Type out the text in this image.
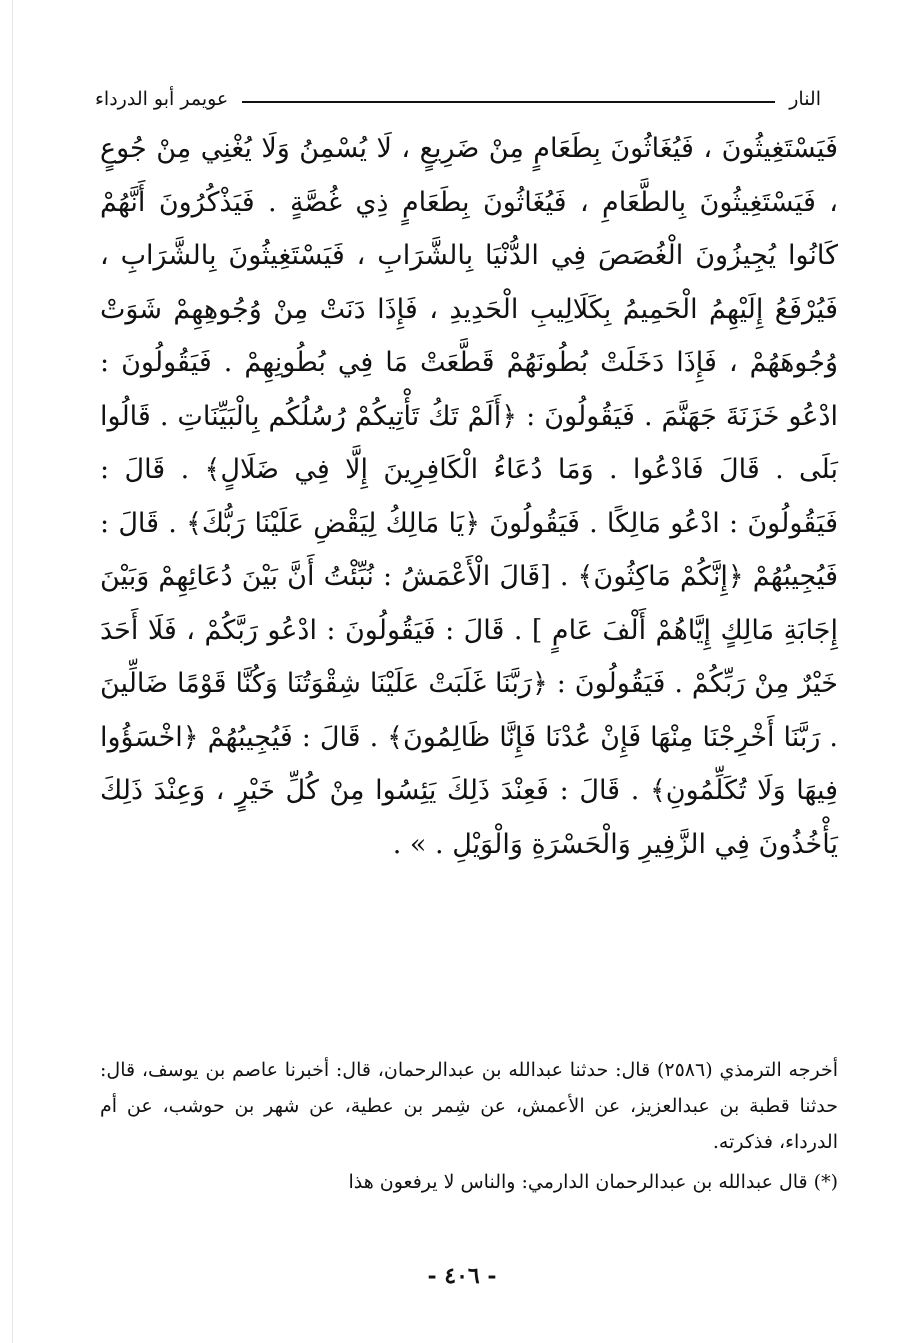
النار
عويمر أبو الدرداء

فَيَسْتَغِيثُونَ ، فَيُغَاثُونَ بِطَعَامٍ مِنْ ضَرِيعٍ ، لَا يُسْمِنُ وَلَا يُغْنِي مِنْ جُوعٍ ، فَيَسْتَغِيثُونَ بِالطَّعَامِ ، فَيُغَاثُونَ بِطَعَامٍ ذِي غُصَّةٍ . فَيَذْكُرُونَ أَنَّهُمْ كَانُوا يُجِيزُونَ الْغُصَصَ فِي الدُّنْيَا بِالشَّرَابِ ، فَيَسْتَغِيثُونَ بِالشَّرَابِ ، فَيُرْفَعُ إِلَيْهِمُ الْحَمِيمُ بِكَلَالِيبِ الْحَدِيدِ ، فَإِذَا دَنَتْ مِنْ وُجُوهِهِمْ شَوَتْ وُجُوهَهُمْ ، فَإِذَا دَخَلَتْ بُطُونَهُمْ قَطَّعَتْ مَا فِي بُطُونِهِمْ . فَيَقُولُونَ : ادْعُو خَزَنَةَ جَهَنَّمَ . فَيَقُولُونَ : ﴿أَلَمْ تَكُ تَأْتِيكُمْ رُسُلُكُم بِالْبَيِّنَاتِ . قَالُوا بَلَى . قَالَ فَادْعُوا . وَمَا دُعَاءُ الْكَافِرِينَ إِلَّا فِي ضَلَالٍ﴾ . قَالَ : فَيَقُولُونَ : ادْعُو مَالِكًا . فَيَقُولُونَ ﴿يَا مَالِكُ لِيَقْضِ عَلَيْنَا رَبُّكَ﴾ . قَالَ : فَيُجِيبُهُمْ ﴿إِنَّكُمْ مَاكِثُونَ﴾ . [قَالَ الْأَعْمَشُ : نُبِّئْتُ أَنَّ بَيْنَ دُعَائِهِمْ وَبَيْنَ إِجَابَةِ مَالِكٍ إِيَّاهُمْ أَلْفَ عَامٍ ] . قَالَ : فَيَقُولُونَ : ادْعُو رَبَّكُمْ ، فَلَا أَحَدَ خَيْرٌ مِنْ رَبِّكُمْ . فَيَقُولُونَ : ﴿رَبَّنَا غَلَبَتْ عَلَيْنَا شِقْوَتُنَا وَكُنَّا قَوْمًا ضَالِّينَ . رَبَّنَا أَخْرِجْنَا مِنْهَا فَإِنْ عُدْنَا فَإِنَّا ظَالِمُونَ﴾ . قَالَ : فَيُجِيبُهُمْ ﴿اخْسَؤُوا فِيهَا وَلَا تُكَلِّمُونِ﴾ . قَالَ : فَعِنْدَ ذَلِكَ يَئِسُوا مِنْ كُلِّ خَيْرٍ ، وَعِنْدَ ذَلِكَ يَأْخُذُونَ فِي الزَّفِيرِ وَالْحَسْرَةِ وَالْوَيْلِ . » .

أخرجه الترمذي (٢٥٨٦) قال: حدثنا عبدالله بن عبدالرحمان، قال: أخبرنا عاصم بن يوسف، قال: حدثنا قطبة بن عبدالعزيز، عن الأعمش، عن شِمر بن عطية، عن شهر بن حوشب، عن أم الدرداء، فذكرته.

(*) قال عبدالله بن عبدالرحمان الدارمي: والناس لا يرفعون هذا

- ٤٠٦ -
